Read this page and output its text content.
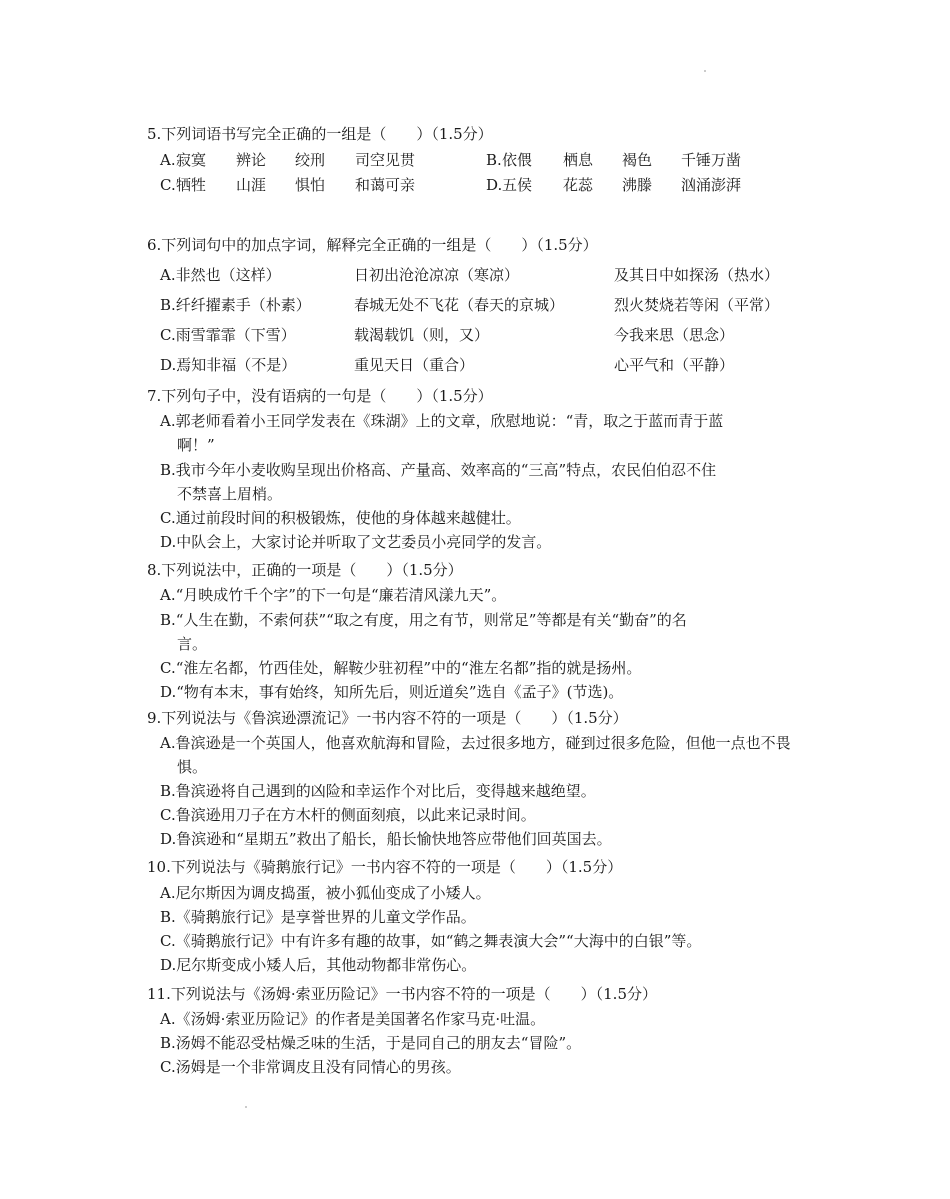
5.下列词语书写完全正确的一组是（　　）（1.5分）
A. 寂寞 辨论 绞刑 司空见贯	B. 依偎 栖息 褐色 千锤万凿
C. 牺牲 山涯 惧怕 和蔼可亲	D. 五侯 花蕊 沸滕 汹涌澎湃
6.下列词句中的加点字词，解释完全正确的一组是（　　）（1.5分）
A.非然也（这样）	日初出沧沧凉凉（寒凉）	及其日中如探汤（热水）
B.纤纤擢素手（朴素）	春城无处不飞花（春天的京城）	烈火焚烧若等闲（平常）
C.雨雪霏霏（下雪）	载渴载饥（则，又）	今我来思（思念）
D.焉知非福（不是）	重见天日（重合）	心平气和（平静）
7.下列句子中，没有语病的一句是（　　）（1.5分）
A.郭老师看着小王同学发表在《珠湖》上的文章，欣慰地说：“青，取之于蓝而青于蓝
啊！”
B.我市今年小麦收购呈现出价格高、产量高、效率高的“三高”特点，农民伯伯忍不住
不禁喜上眉梢。
C.通过前段时间的积极锻炼，使他的身体越来越健壮。
D.中队会上，大家讨论并听取了文艺委员小亮同学的发言。
8.下列说法中，正确的一项是（　　）（1.5分）
A.“月映成竹千个字”的下一句是“廉若清风漾九天”。
B.“人生在勤，不索何获”“取之有度，用之有节，则常足”等都是有关“勤奋”的名
言。
C.“淮左名都，竹西佳处，解鞍少驻初程”中的“淮左名都”指的就是扬州。
D.“物有本末，事有始终，知所先后，则近道矣”选自《孟子》(节选)。
9.下列说法与《鲁滨逊漂流记》一书内容不符的一项是（　　）（1.5分）
A.鲁滨逊是一个英国人，他喜欢航海和冒险，去过很多地方，碰到过很多危险，但他一点也不畏
惧。
B.鲁滨逊将自己遇到的凶险和幸运作个对比后，变得越来越绝望。
C.鲁滨逊用刀子在方木杆的侧面刻痕，以此来记录时间。
D.鲁滨逊和“星期五”救出了船长，船长愉快地答应带他们回英国去。
10.下列说法与《骑鹅旅行记》一书内容不符的一项是（　　）（1.5分）
A.尼尔斯因为调皮捣蛋，被小狐仙变成了小矮人。
B.《骑鹅旅行记》是享誉世界的儿童文学作品。
C.《骑鹅旅行记》中有许多有趣的故事，如“鹤之舞表演大会”“大海中的白银”等。
D.尼尔斯变成小矮人后，其他动物都非常伤心。
11.下列说法与《汤姆·索亚历险记》一书内容不符的一项是（　　）（1.5分）
A.《汤姆·索亚历险记》的作者是美国著名作家马克·吐温。
B.汤姆不能忍受枯燥乏味的生活，于是同自己的朋友去“冒险”。
C.汤姆是一个非常调皮且没有同情心的男孩。
